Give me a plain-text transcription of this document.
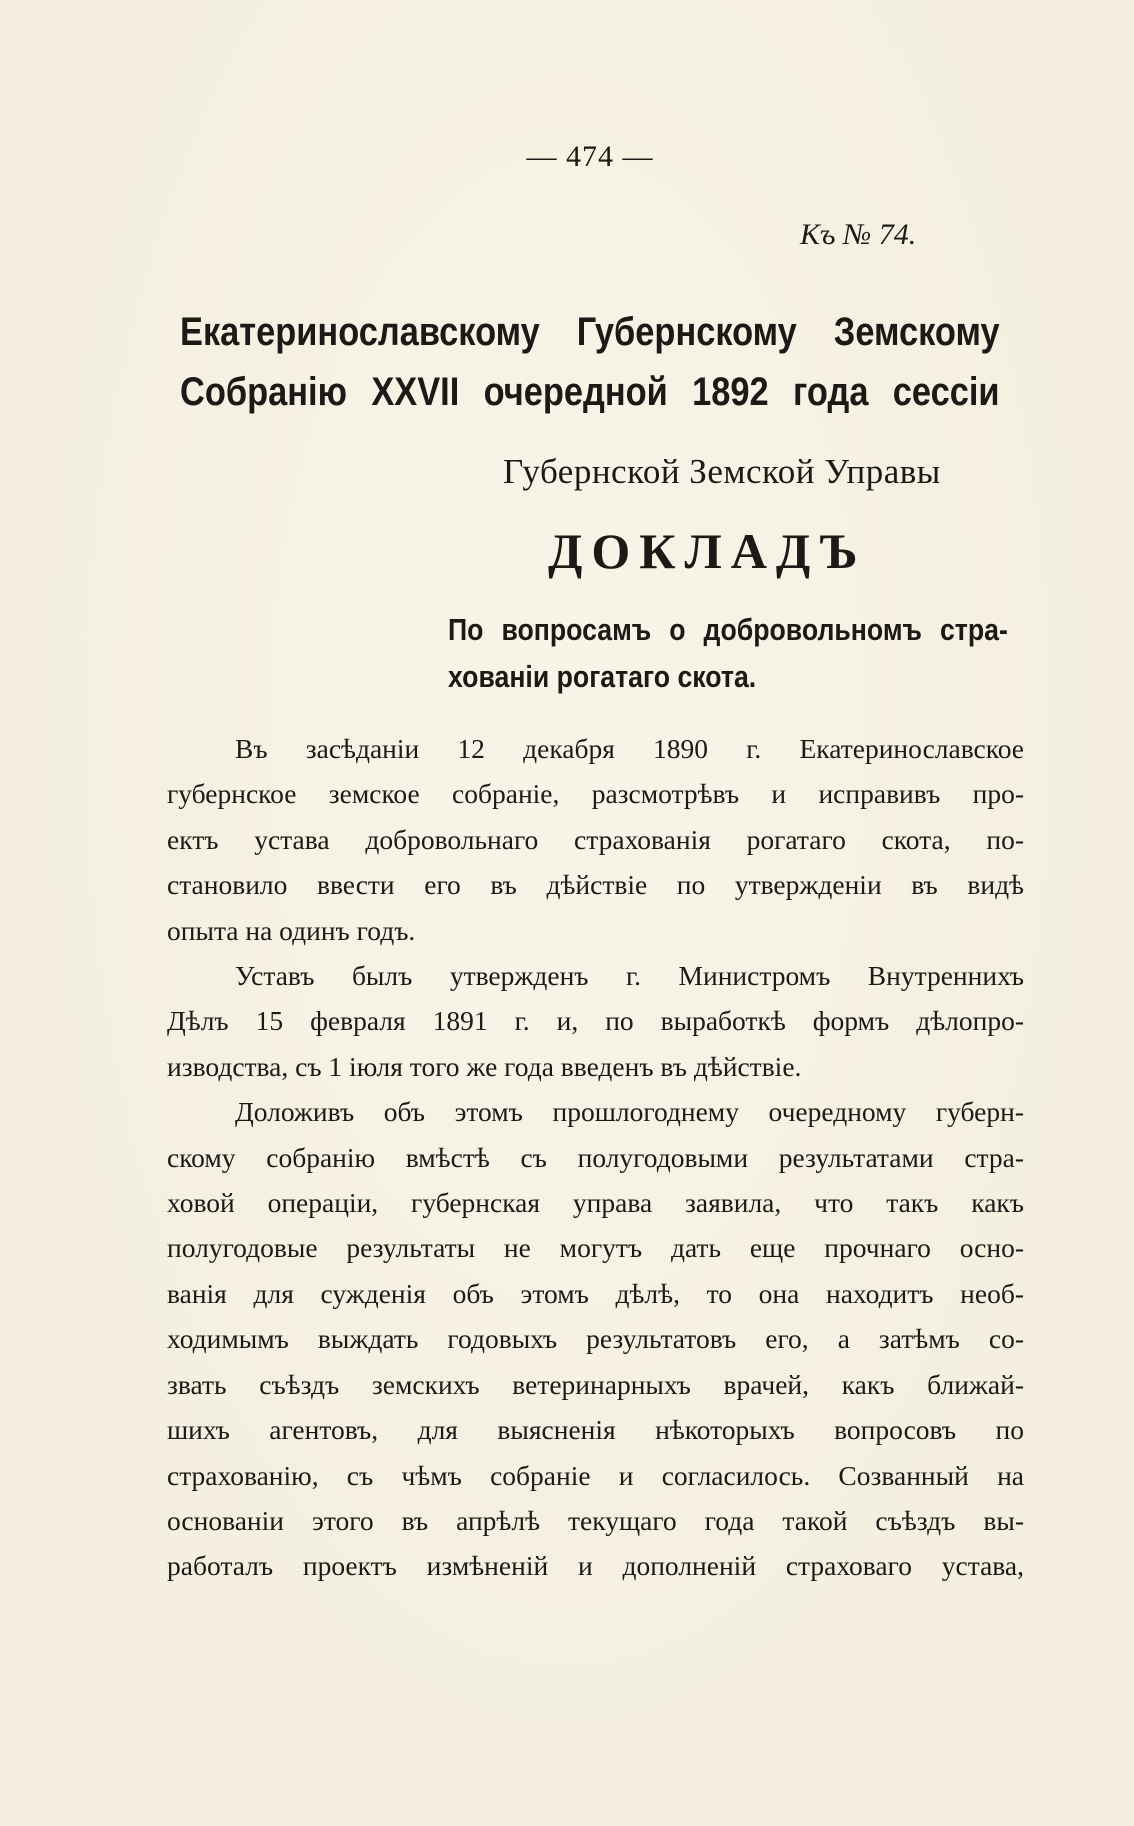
— 474 —
Къ № 74.
Екатеринославскому Губернскому Земскому
Собранію XXVII очередной 1892 года сессіи
Губернской Земской Управы
ДОКЛАДЪ
По вопросамъ о добровольномъ стра-
хованіи рогатаго скота.
Въ засѣданіи 12 декабря 1890 г. Екатеринославское
губернское земское собраніе, разсмотрѣвъ и исправивъ про-
ектъ устава добровольнаго страхованія рогатаго скота, по-
становило ввести его въ дѣйствіе по утвержденіи въ видѣ
опыта на одинъ годъ.
Уставъ былъ утвержденъ г. Министромъ Внутреннихъ
Дѣлъ 15 февраля 1891 г. и, по выработкѣ формъ дѣлопро-
изводства, съ 1 іюля того же года введенъ въ дѣйствіе.
Доложивъ объ этомъ прошлогоднему очередному губерн-
скому собранію вмѣстѣ съ полугодовыми результатами стра-
ховой операціи, губернская управа заявила, что такъ какъ
полугодовые результаты не могутъ дать еще прочнаго осно-
ванія для сужденія объ этомъ дѣлѣ, то она находитъ необ-
ходимымъ выждать годовыхъ результатовъ его, а затѣмъ со-
звать съѣздъ земскихъ ветеринарныхъ врачей, какъ ближай-
шихъ агентовъ, для выясненія нѣкоторыхъ вопросовъ по
страхованію, съ чѣмъ собраніе и согласилось. Созванный на
основаніи этого въ апрѣлѣ текущаго года такой съѣздъ вы-
работалъ проектъ измѣненій и дополненій страховаго устава,
